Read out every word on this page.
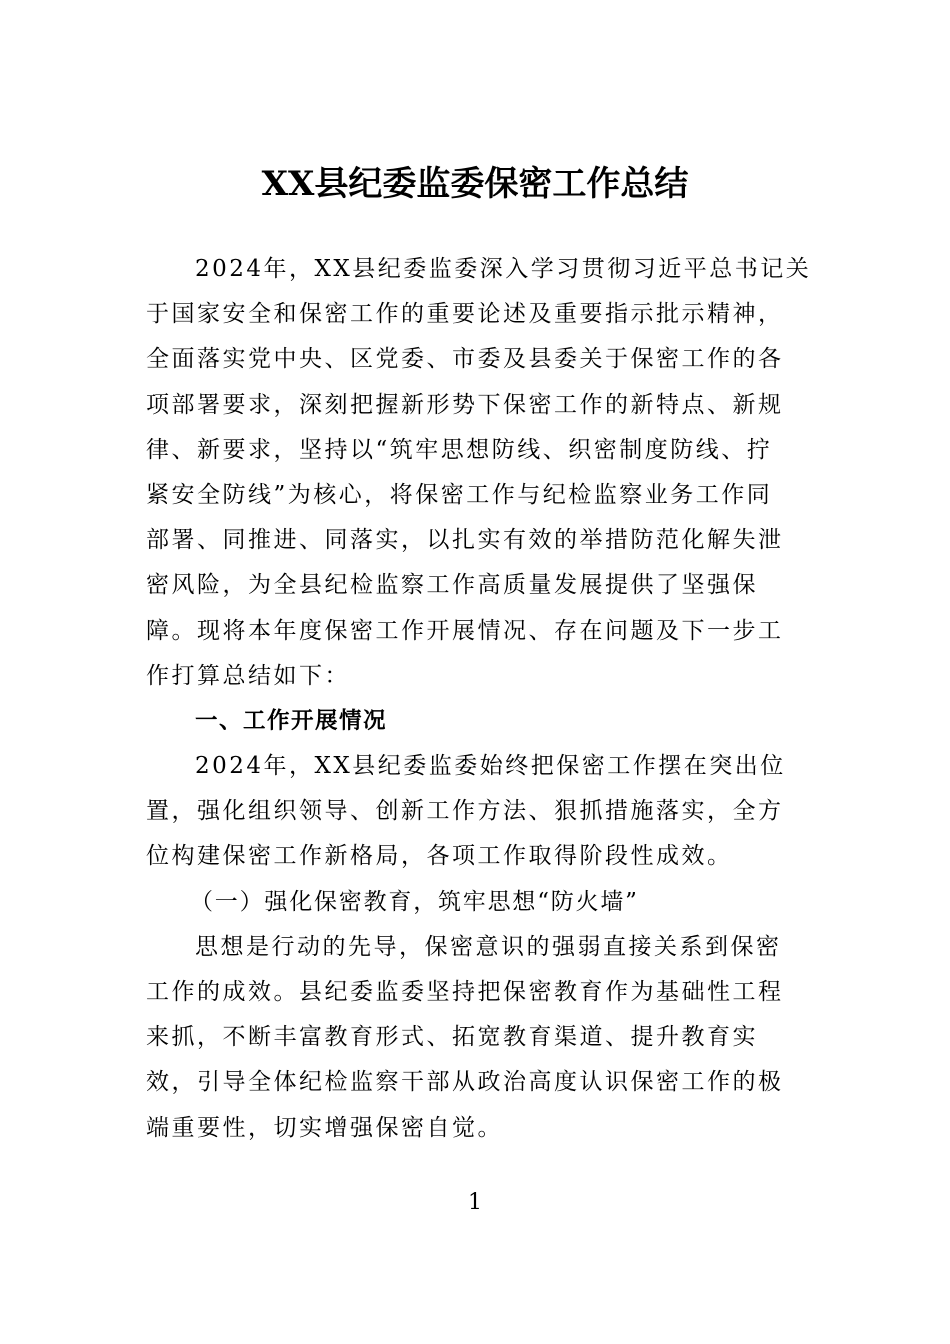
XX县纪委监委保密工作总结
2024年，XX县纪委监委深入学习贯彻习近平总书记关
于国家安全和保密工作的重要论述及重要指示批示精神，
全面落实党中央、区党委、市委及县委关于保密工作的各
项部署要求，深刻把握新形势下保密工作的新特点、新规
律、新要求，坚持以“筑牢思想防线、织密制度防线、拧
紧安全防线”为核心，将保密工作与纪检监察业务工作同
部署、同推进、同落实，以扎实有效的举措防范化解失泄
密风险，为全县纪检监察工作高质量发展提供了坚强保
障。现将本年度保密工作开展情况、存在问题及下一步工
作打算总结如下：
一、工作开展情况
2024年，XX县纪委监委始终把保密工作摆在突出位
置，强化组织领导、创新工作方法、狠抓措施落实，全方
位构建保密工作新格局，各项工作取得阶段性成效。
（一）强化保密教育，筑牢思想“防火墙”
思想是行动的先导，保密意识的强弱直接关系到保密
工作的成效。县纪委监委坚持把保密教育作为基础性工程
来抓，不断丰富教育形式、拓宽教育渠道、提升教育实
效，引导全体纪检监察干部从政治高度认识保密工作的极
端重要性，切实增强保密自觉。
1
